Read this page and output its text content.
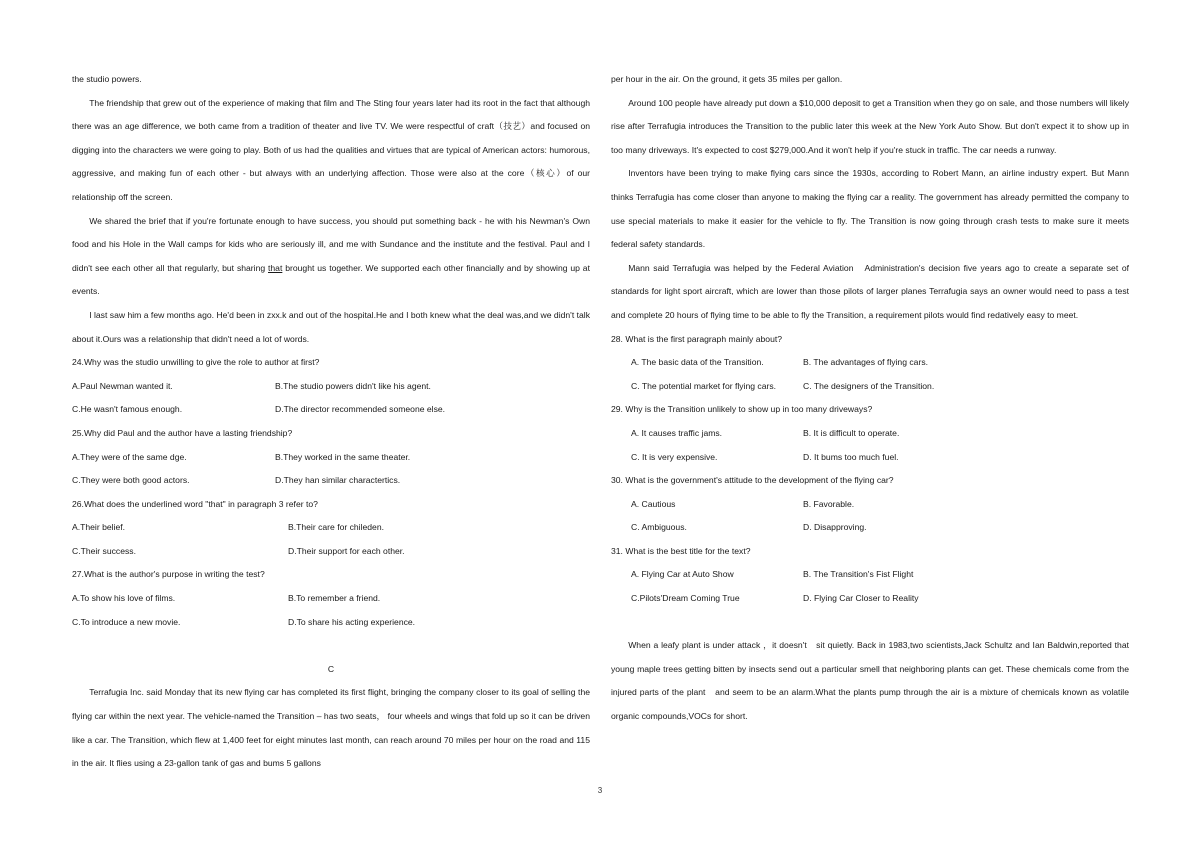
the studio powers.

The friendship that grew out of the experience of making that film and The Sting four years later had its root in the fact that although there was an age difference, we both came from a tradition of theater and live TV. We were respectful of craft（技艺）and focused on digging into the characters we were going to play. Both of us had the qualities and virtues that are typical of American actors: humorous, aggressive, and making fun of each other - but always with an underlying affection. Those were also at the core（核心）of our relationship off the screen.

We shared the brief that if you're fortunate enough to have success, you should put something back - he with his Newman's Own food and his Hole in the Wall camps for kids who are seriously ill, and me with Sundance and the institute and the festival. Paul and I didn't see each other all that regularly, but sharing that brought us together. We supported each other financially and by showing up at events.

I last saw him a few months ago. He'd been in zxx.k and out of the hospital.He and I both knew what the deal was,and we didn't talk about it.Ours was a relationship that didn't need a lot of words.

24.Why was the studio unwilling to give the role to author at first?

A.Paul Newman wanted it.	B.The studio powers didn't like his agent.

C.He wasn't famous enough.	D.The director recommended someone else.

25.Why did Paul and the author have a lasting friendship?

A.They were of the same dge.	B.They worked in the same theater.

C.They were both good actors.	D.They han similar charactertics.

26.What does the underlined word "that" in paragraph 3 refer to?

A.Their belief.	B.Their care for chileden.

C.Their success.	D.Their support for each other.

27.What is the author's purpose in writing the test?

A.To show his love of films.	B.To remember a friend.

C.To introduce a new movie.	D.To share his acting experience.

C

Terrafugia Inc. said Monday that its new flying car has completed its first flight, bringing the company closer to its goal of selling the flying car within the next year. The vehicle-named the Transition – has two seats， four wheels and wings that fold up so it can be driven like a car. The Transition, which flew at 1,400 feet for eight minutes last month, can reach around 70 miles per hour on the road and 115 in the air. It flies using a 23-gallon tank of gas and bums 5 gallons

per hour in the air. On the ground, it gets 35 miles per gallon.

Around 100 people have already put down a $10,000 deposit to get a Transition when they go on sale, and those numbers will likely rise after Terrafugia introduces the Transition to the public later this week at the New York Auto Show. But don't expect it to show up in too many driveways. It's expected to cost $279,000.And it won't help if you're stuck in traffic. The car needs a runway.

Inventors have been trying to make flying cars since the 1930s, according to Robert Mann, an airline industry expert. But Mann thinks Terrafugia has come closer than anyone to making the flying car a reality. The government has already permitted the company to use special materials to make it easier for the vehicle to fly. The Transition is now going through crash tests to make sure it meets federal safety standards.

Mann said Terrafugia was helped by the Federal Aviation　Administration's decision five years ago to create a separate set of standards for light sport aircraft, which are lower than those pilots of larger planes Terrafugia says an owner would need to pass a test and complete 20 hours of flying time to be able to fly the Transition, a requirement pilots would find redatively easy to meet.

28. What is the first paragraph mainly about?

A. The basic data of the Transition.	B. The advantages of flying cars.

C. The potential market for flying cars.	C. The designers of the Transition.

29. Why is the Transition unlikely to show up in too many driveways?

A. It causes traffic jams.	B. It is difficult to operate.

C. It is very expensive.	D. It bums too much fuel.

30. What is the government's attitude to the development of the flying car?

A. Cautious	B. Favorable.

C. Ambiguous.	D. Disapproving.

31. What is the best title for the text?

A. Flying Car at Auto Show	B. The Transition's Fist Flight

C.Pilots'Dream Coming True	D. Flying Car Closer to Reality

When a leafy plant is under attack ，it doesn't　sit quietly. Back in 1983,two scientists,Jack Schultz and Ian Baldwin,reported that young maple trees getting bitten by insects send out a particular smell that neighboring plants can get. These chemicals come from the injured parts of the plant　and seem to be an alarm.What the plants pump through the air is a mixture of chemicals known as volatile organic compounds,VOCs for short.

3
